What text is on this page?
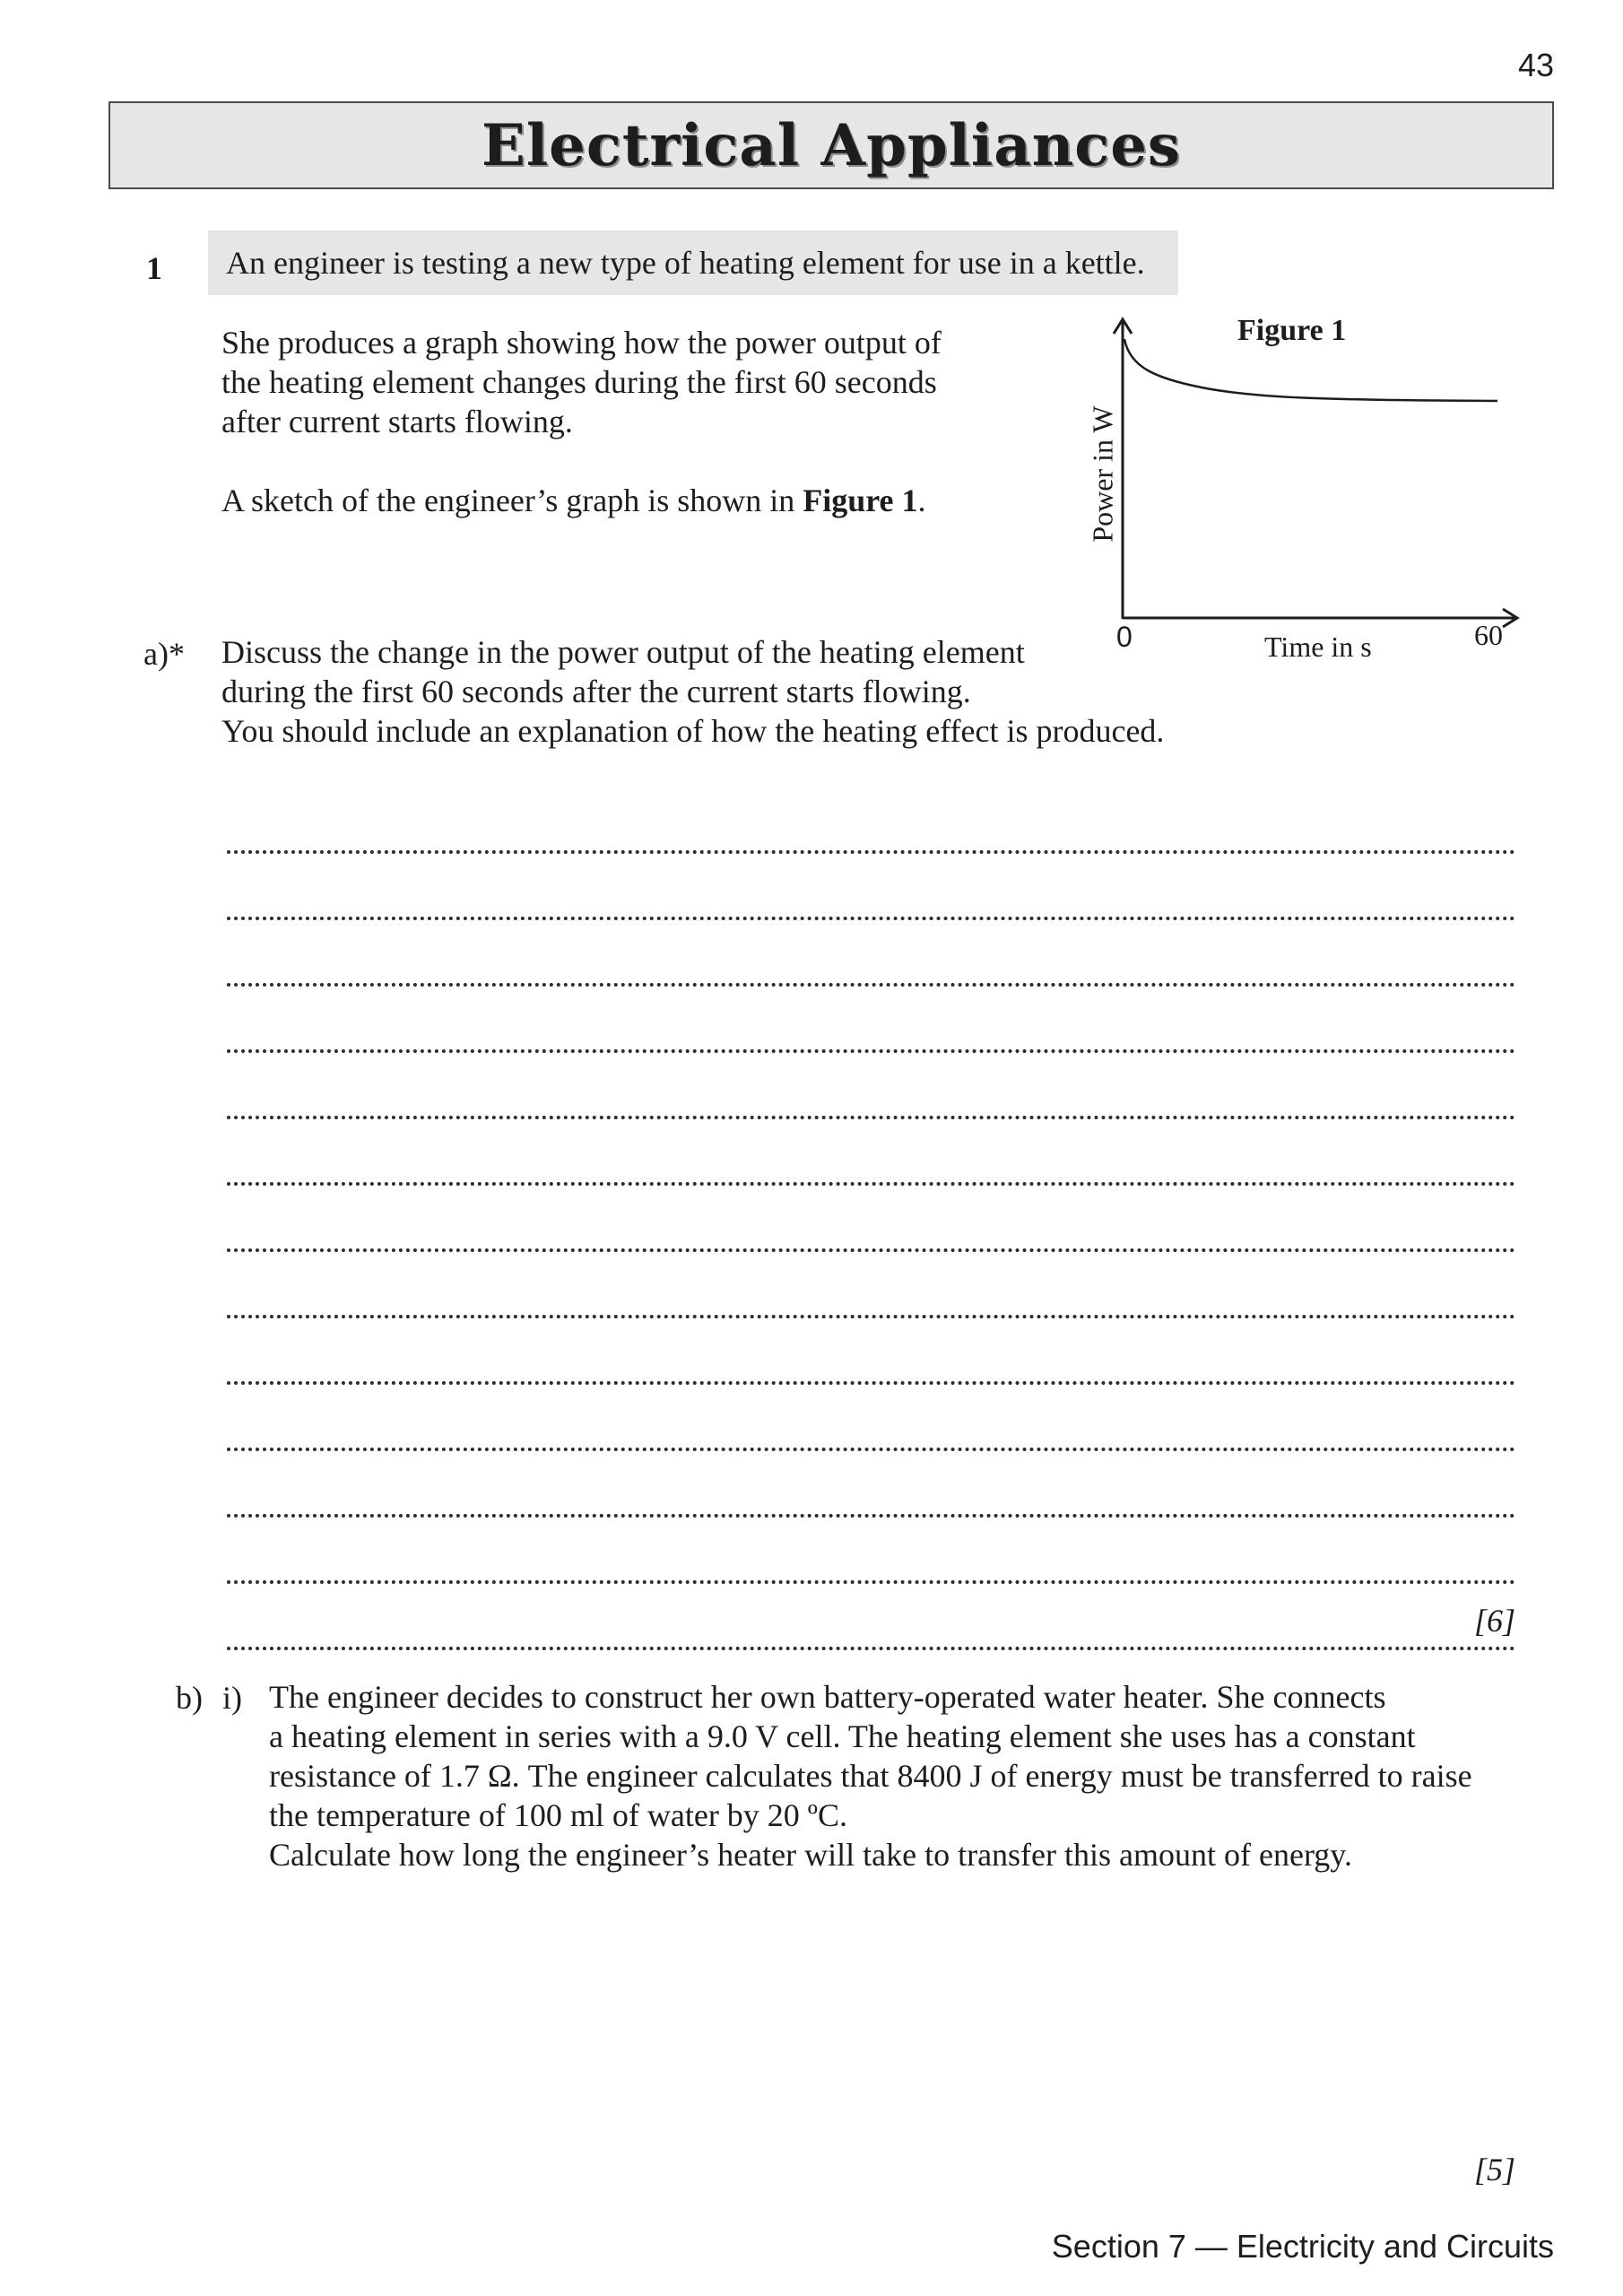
43
Electrical Appliances
1 An engineer is testing a new type of heating element for use in a kettle.

She produces a graph showing how the power output of

the heating element changes during the first 60 seconds

after current starts flowing.

A sketch of the engineer’s graph is shown in Figure 1.

Figure 1
Power in W
Time in s
0	60
a)* Discuss the change in the power output of the heating element

during the first 60 seconds after the current starts flowing.

You should include an explanation of how the heating effect is produced.

[6]
b) i) The engineer decides to construct her own battery-operated water heater. She connects

a heating element in series with a 9.0 V cell. The heating element she uses has a constant

resistance of 1.7 Ω. The engineer calculates that 8400 J of energy must be transferred to raise

the temperature of 100 ml of water by 20 ºC.

Calculate how long the engineer’s heater will take to transfer this amount of energy.

[5]
Section 7 — Electricity and Circuits
